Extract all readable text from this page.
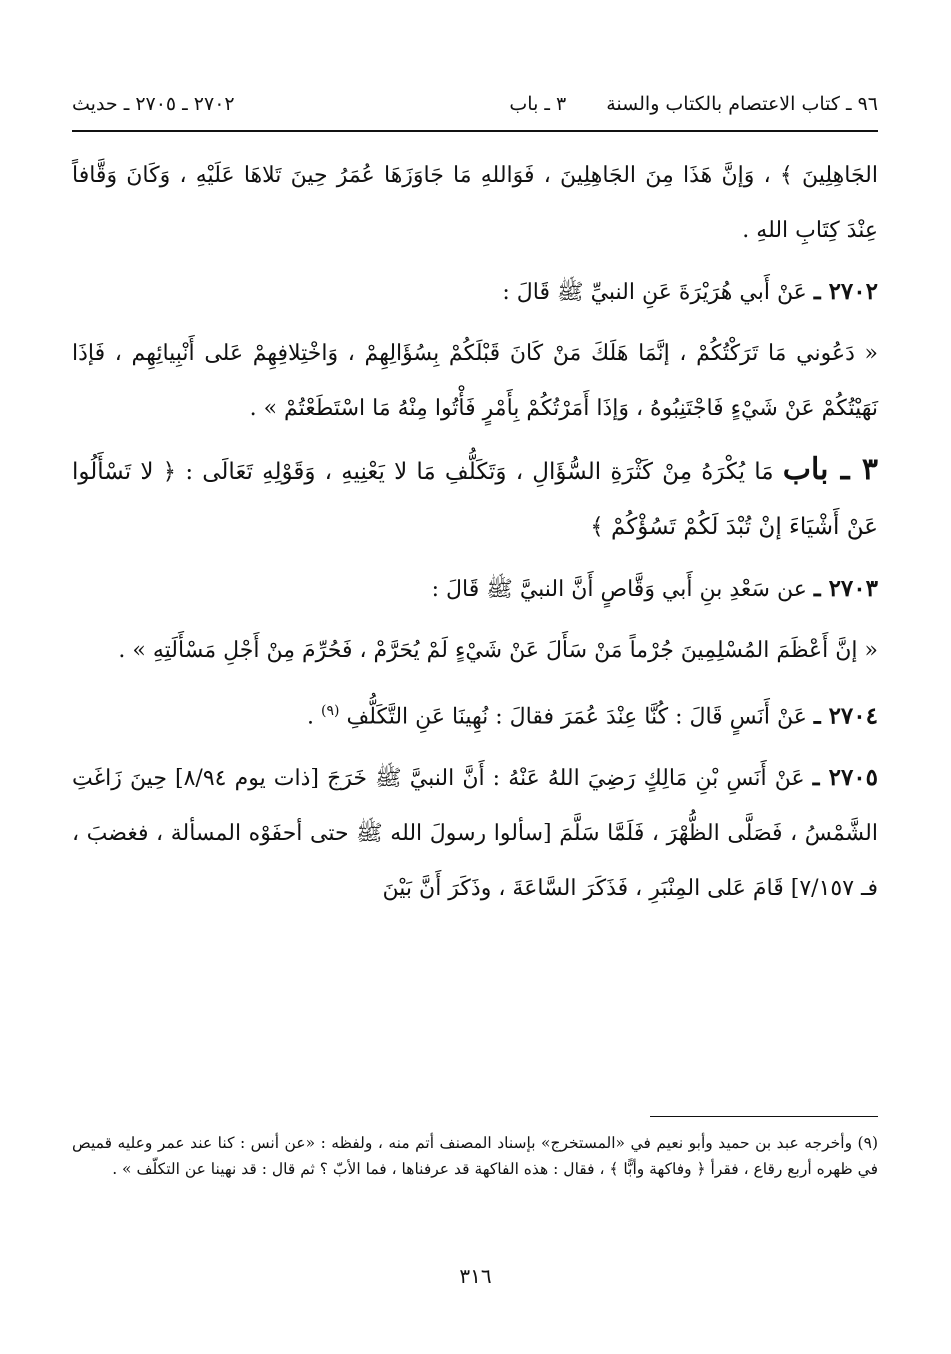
٩٦ ـ كتاب الاعتصام بالكتاب والسنة
٣ ـ باب
٢٧٠٢ ـ ٢٧٠٥ ـ حديث

الجَاهِلِينَ ﴾ ، وَإنَّ هَذَا مِنَ الجَاهِلِينَ ، فَوَاللهِ مَا جَاوَزَهَا عُمَرُ حِينَ تَلاهَا عَلَيْهِ ، وَكَانَ وَقَّافاً عِنْدَ كِتَابِ اللهِ .

٢٧٠٢ ـ عَنْ أَبي هُرَيْرَةَ عَنِ النبيِّ ﷺ قَالَ :

« دَعُوني مَا تَرَكْتُكُمْ ، إنَّمَا هَلَكَ مَنْ كَانَ قَبْلَكُمْ بِسُؤَالِهِمْ ، وَاخْتِلافِهِمْ عَلى أَنْبِيائِهِم ، فَإذَا نَهَيْتُكُمْ عَنْ شَيْءٍ فَاجْتَنِبُوهُ ، وَإذَا أَمَرْتُكُمْ بِأَمْرٍ فَأْتُوا مِنْهُ مَا اسْتَطَعْتُمْ » .

٣ ـ باب مَا يُكْرَهُ مِنْ كَثْرَةِ السُّؤَالِ ، وَتَكَلُّفِ مَا لا يَعْنِيهِ ، وَقَوْلِهِ تَعَالَى : ﴿ لا تَسْأَلُوا عَنْ أَشْيَاءَ إنْ تُبْدَ لَكُمْ تَسُؤْكُمْ ﴾

٢٧٠٣ ـ عن سَعْدِ بنِ أَبي وَقَّاصٍ أَنَّ النبيَّ ﷺ قَالَ :

« إنَّ أَعْظَمَ المُسْلِمِينَ جُرْماً مَنْ سَأَلَ عَنْ شَيْءٍ لَمْ يُحَرَّمْ ، فَحُرِّمَ مِنْ أَجْلِ مَسْأَلَتِهِ » .

٢٧٠٤ ـ عَنْ أَنَسٍ قَالَ : كُنَّا عِنْدَ عُمَرَ فقالَ : نُهِينَا عَنِ التَّكَلُّفِ $^{(٩)}$ .

٢٧٠٥ ـ عَنْ أَنَسِ بْنِ مَالِكٍ رَضِيَ اللهُ عَنْهُ : أَنَّ النبيَّ ﷺ خَرَجَ [ذات يوم ٨/٩٤] حِينَ زَاغَتِ الشَّمْسُ ، فَصَلَّى الظُّهْرَ ، فَلَمَّا سَلَّمَ [سألوا رسولَ الله ﷺ حتى أحفَوْه المسألة ، فغضبَ ، فـ ٧/١٥٧] قَامَ عَلى المِنْبَرِ ، فَذَكَرَ السَّاعَةَ ، وذَكَرَ أَنَّ بَيْنَ

(٩) وأخرجه عبد بن حميد وأبو نعيم في «المستخرج» بإسناد المصنف أتم منه ، ولفظه : «عن أنس : كنا عند عمر وعليه قميص في ظهره أربع رقاع ، فقرأ ﴿ وفاكهة وأبًّا ﴾ ، فقال : هذه الفاكهة قد عرفناها ، فما الأبّ ؟ ثم قال : قد نهينا عن التكلّف » .
٣١٦
